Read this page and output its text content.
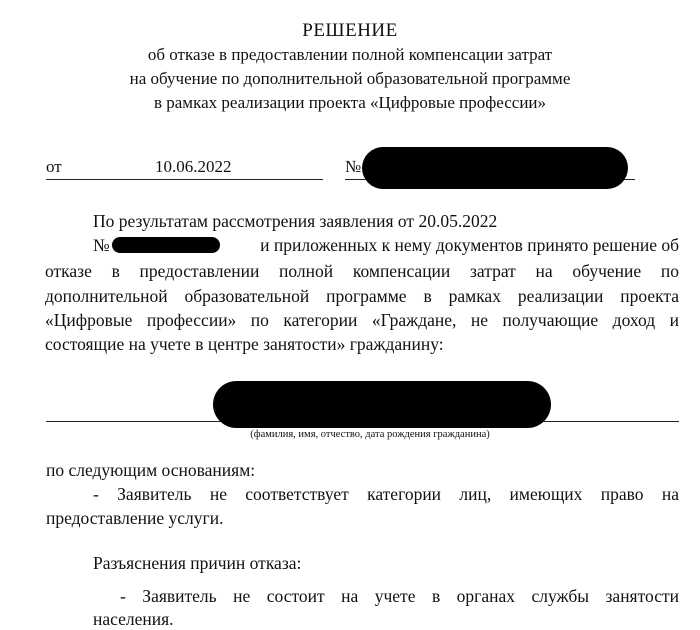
РЕШЕНИЕ
об отказе в предоставлении полной компенсации затрат
на обучение по дополнительной образовательной программе
в рамках реализации проекта «Цифровые профессии»
от	10.06.2022	№
По результатам рассмотрения заявления от 20.05.2022
№	и приложенных к нему документов принято решение об
отказе в предоставлении полной компенсации затрат на обучение по
дополнительной образовательной программе в рамках реализации проекта
«Цифровые профессии» по категории «Граждане, не получающие доход и
состоящие на учете в центре занятости» гражданину:
(фамилия, имя, отчество, дата рождения гражданина)
по следующим основаниям:
- Заявитель не соответствует категории лиц, имеющих право на
предоставление услуги.
Разъяснения причин отказа:
- Заявитель не состоит на учете в органах службы занятости
населения.
